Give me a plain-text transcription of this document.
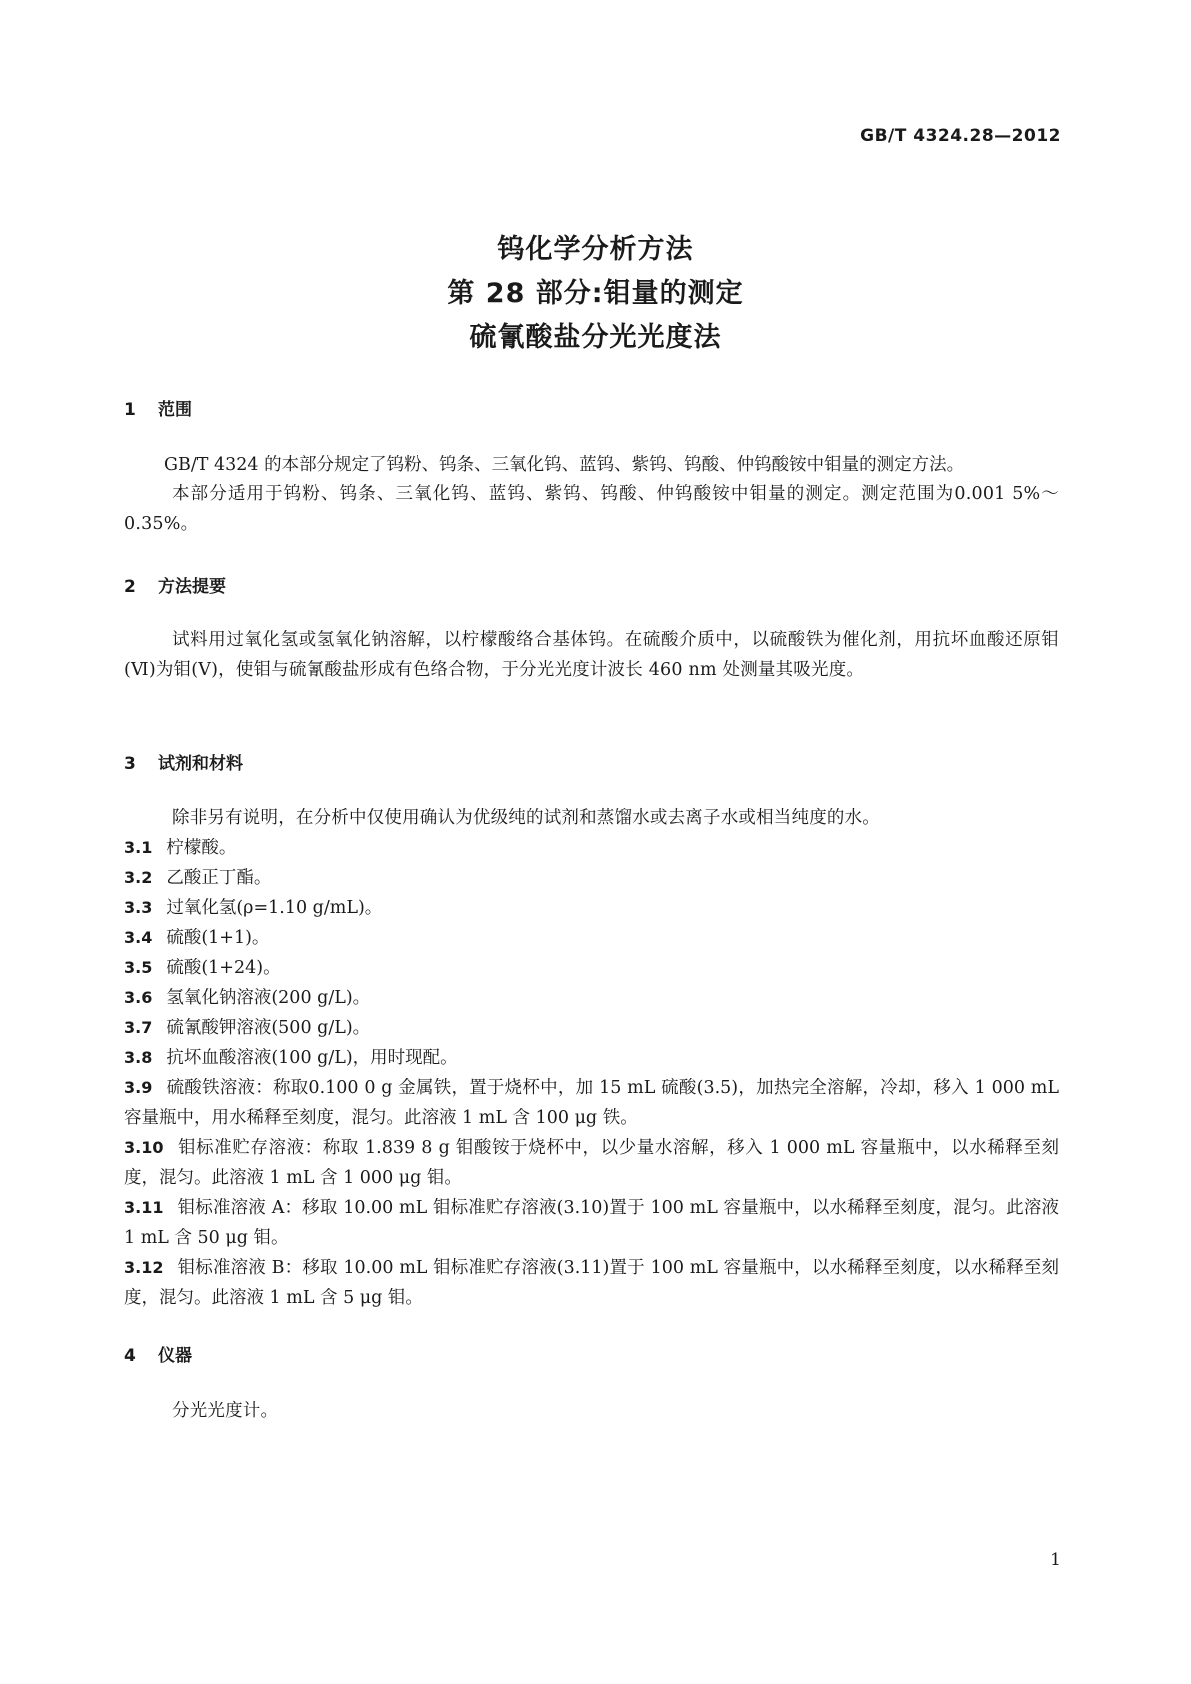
GB/T 4324.28—2012
钨化学分析方法
第 28 部分:钼量的测定
硫氰酸盐分光光度法
1 范围
GB/T 4324 的本部分规定了钨粉、钨条、三氧化钨、蓝钨、紫钨、钨酸、仲钨酸铵中钼量的测定方法。
本部分适用于钨粉、钨条、三氧化钨、蓝钨、紫钨、钨酸、仲钨酸铵中钼量的测定。测定范围为0.001 5%～0.35%。
2 方法提要
试料用过氧化氢或氢氧化钠溶解，以柠檬酸络合基体钨。在硫酸介质中，以硫酸铁为催化剂，用抗坏血酸还原钼(Ⅵ)为钼(Ⅴ)，使钼与硫氰酸盐形成有色络合物，于分光光度计波长 460 nm 处测量其吸光度。
3 试剂和材料
除非另有说明，在分析中仅使用确认为优级纯的试剂和蒸馏水或去离子水或相当纯度的水。
3.1 柠檬酸。
3.2 乙酸正丁酯。
3.3 过氧化氢(ρ=1.10 g/mL)。
3.4 硫酸(1+1)。
3.5 硫酸(1+24)。
3.6 氢氧化钠溶液(200 g/L)。
3.7 硫氰酸钾溶液(500 g/L)。
3.8 抗坏血酸溶液(100 g/L)，用时现配。
3.9 硫酸铁溶液：称取0.100 0 g 金属铁，置于烧杯中，加 15 mL 硫酸(3.5)，加热完全溶解，冷却，移入 1 000 mL 容量瓶中，用水稀释至刻度，混匀。此溶液 1 mL 含 100 μg 铁。
3.10 钼标准贮存溶液：称取 1.839 8 g 钼酸铵于烧杯中，以少量水溶解，移入 1 000 mL 容量瓶中，以水稀释至刻度，混匀。此溶液 1 mL 含 1 000 μg 钼。
3.11 钼标准溶液 A：移取 10.00 mL 钼标准贮存溶液(3.10)置于 100 mL 容量瓶中，以水稀释至刻度，混匀。此溶液 1 mL 含 50 μg 钼。
3.12 钼标准溶液 B：移取 10.00 mL 钼标准贮存溶液(3.11)置于 100 mL 容量瓶中，以水稀释至刻度，以水稀释至刻度，混匀。此溶液 1 mL 含 5 μg 钼。
4 仪器
分光光度计。
1
